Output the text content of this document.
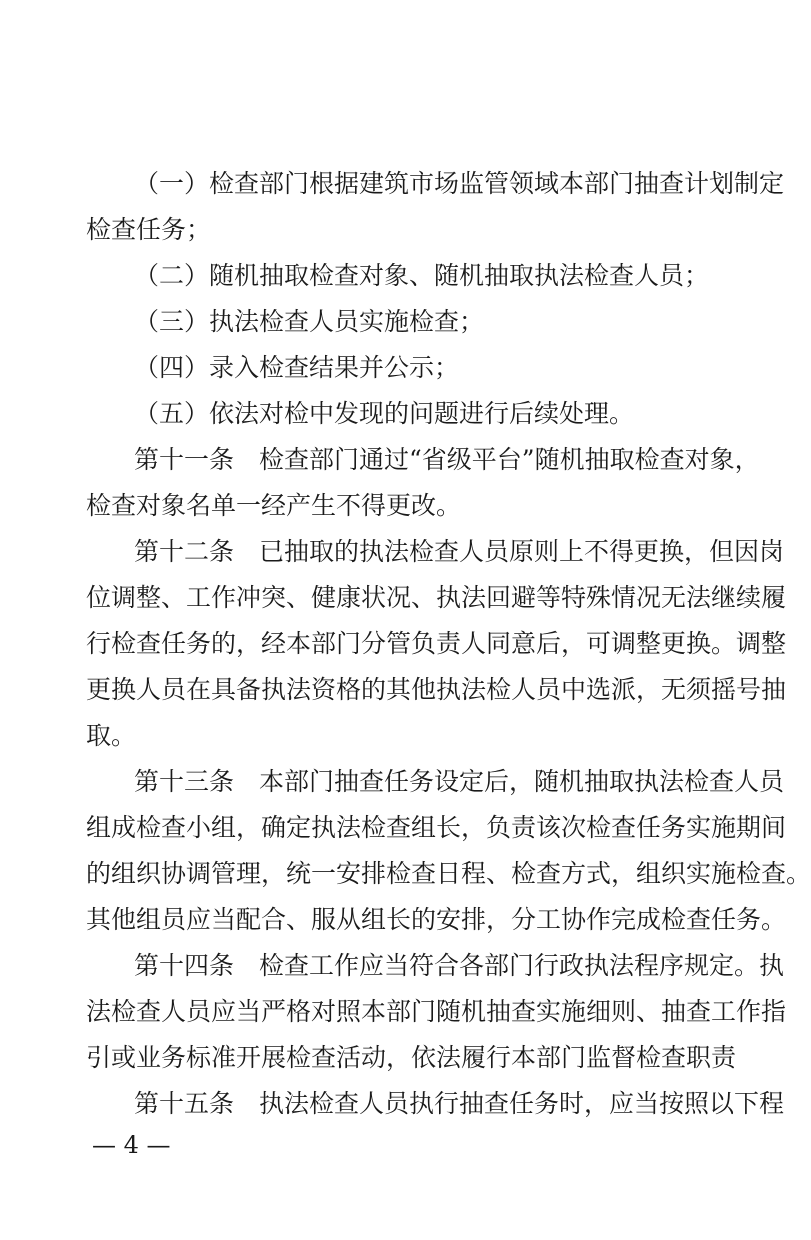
（一）检查部门根据建筑市场监管领域本部门抽查计划制定
检查任务；
（二）随机抽取检查对象、随机抽取执法检查人员；
（三）执法检查人员实施检查；
（四）录入检查结果并公示；
（五）依法对检中发现的问题进行后续处理。
第十一条　检查部门通过“省级平台”随机抽取检查对象，
检查对象名单一经产生不得更改。
第十二条　已抽取的执法检查人员原则上不得更换，但因岗
位调整、工作冲突、健康状况、执法回避等特殊情况无法继续履
行检查任务的，经本部门分管负责人同意后，可调整更换。调整
更换人员在具备执法资格的其他执法检人员中选派，无须摇号抽
取。
第十三条　本部门抽查任务设定后，随机抽取执法检查人员
组成检查小组，确定执法检查组长，负责该次检查任务实施期间
的组织协调管理，统一安排检查日程、检查方式，组织实施检查。
其他组员应当配合、服从组长的安排，分工协作完成检查任务。
第十四条　检查工作应当符合各部门行政执法程序规定。执
法检查人员应当严格对照本部门随机抽查实施细则、抽查工作指
引或业务标准开展检查活动，依法履行本部门监督检查职责
第十五条　执法检查人员执行抽查任务时，应当按照以下程
— 4 —
